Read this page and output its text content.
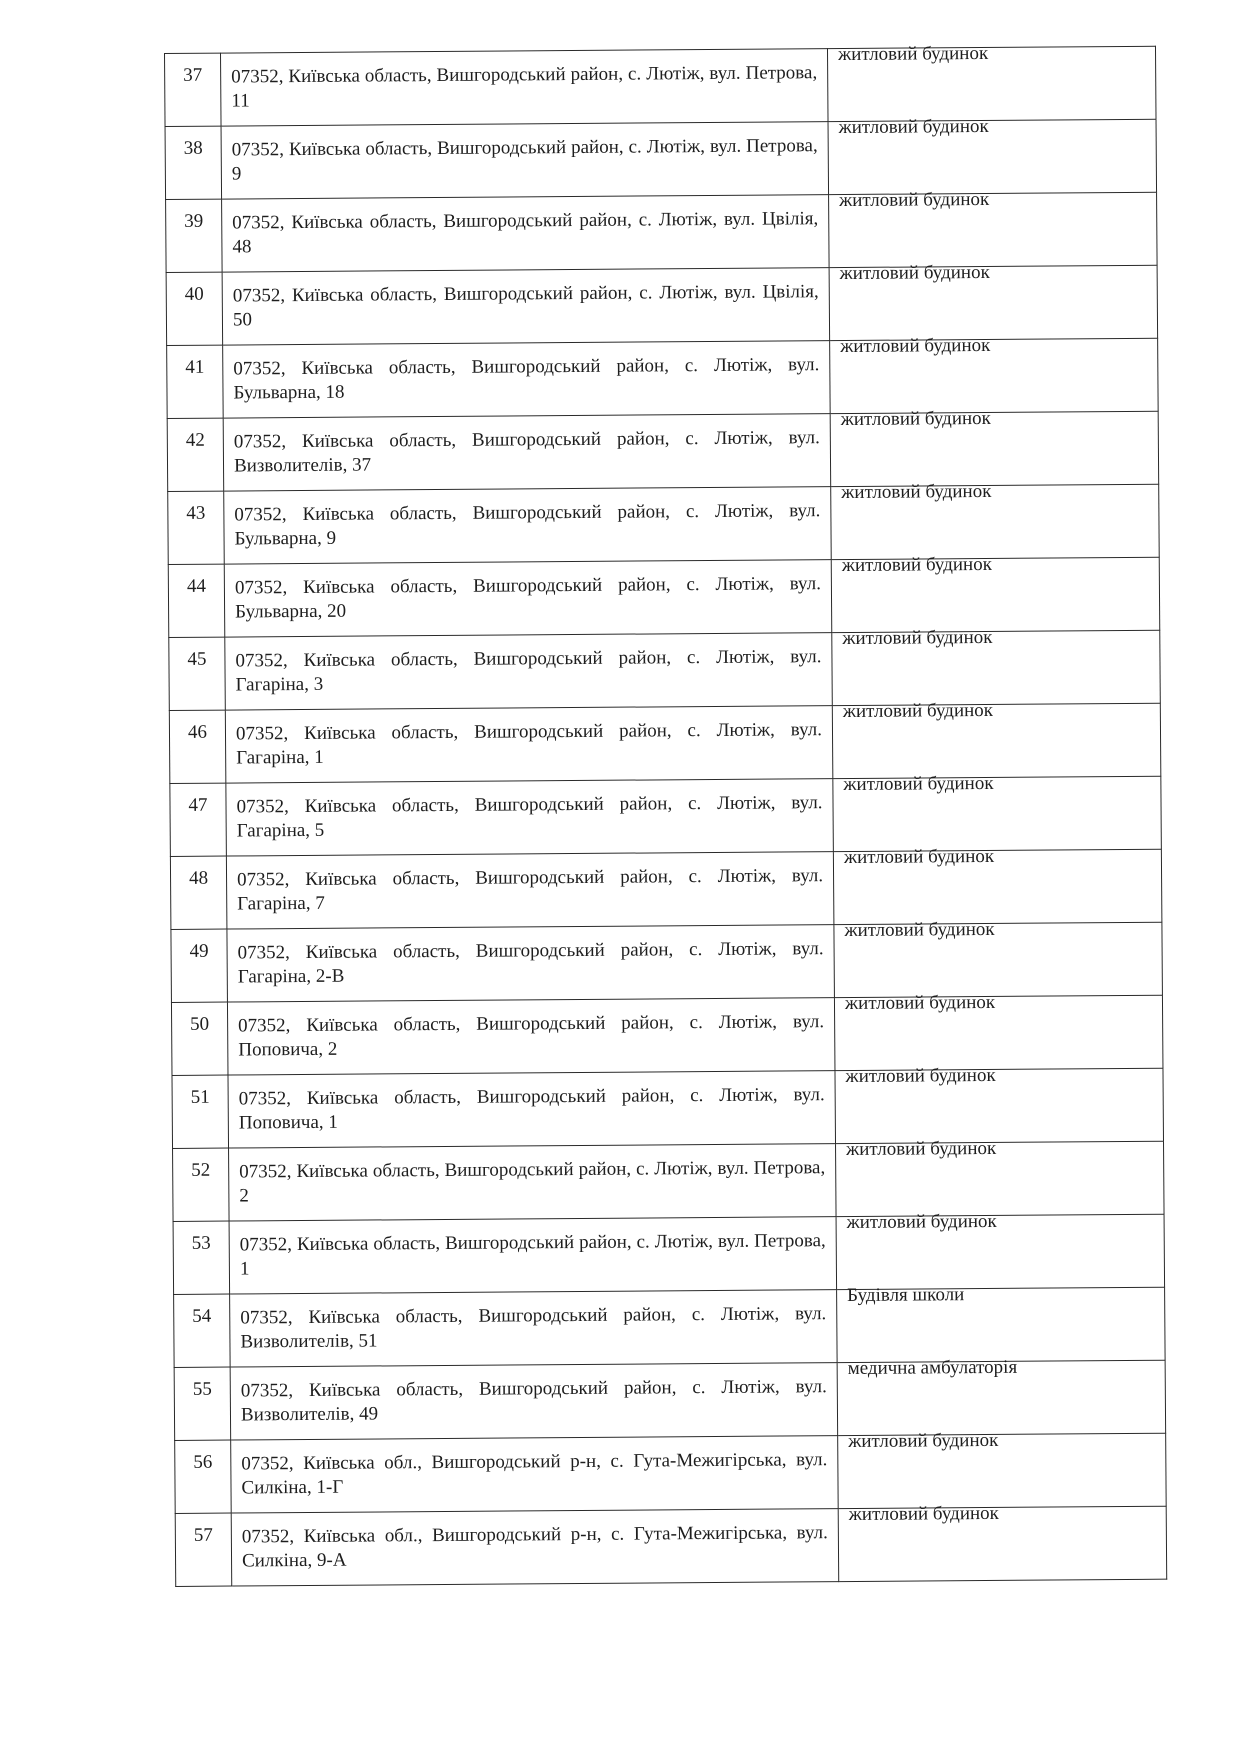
37	07352, Київська область, Вишгородський район, с. Лютіж, вул. Петрова, 11	житловий будинок

38	07352, Київська область, Вишгородський район, с. Лютіж, вул. Петрова, 9	житловий будинок

39	07352, Київська область, Вишгородський район, с. Лютіж, вул. Цвілія, 48	житловий будинок

40	07352, Київська область, Вишгородський район, с. Лютіж, вул. Цвілія, 50	житловий будинок

41	07352, Київська область, Вишгородський район, с. Лютіж, вул. Бульварна, 18	житловий будинок

42	07352, Київська область, Вишгородський район, с. Лютіж, вул. Визволителів, 37	житловий будинок

43	07352, Київська область, Вишгородський район, с. Лютіж, вул. Бульварна, 9	житловий будинок

44	07352, Київська область, Вишгородський район, с. Лютіж, вул. Бульварна, 20	житловий будинок

45	07352, Київська область, Вишгородський район, с. Лютіж, вул. Гагаріна, 3	житловий будинок

46	07352, Київська область, Вишгородський район, с. Лютіж, вул. Гагаріна, 1	житловий будинок

47	07352, Київська область, Вишгородський район, с. Лютіж, вул. Гагаріна, 5	житловий будинок

48	07352, Київська область, Вишгородський район, с. Лютіж, вул. Гагаріна, 7	житловий будинок

49	07352, Київська область, Вишгородський район, с. Лютіж, вул. Гагаріна, 2-В	житловий будинок

50	07352, Київська область, Вишгородський район, с. Лютіж, вул. Поповича, 2	житловий будинок

51	07352, Київська область, Вишгородський район, с. Лютіж, вул. Поповича, 1	житловий будинок

52	07352, Київська область, Вишгородський район, с. Лютіж, вул. Петрова, 2	житловий будинок

53	07352, Київська область, Вишгородський район, с. Лютіж, вул. Петрова, 1	житловий будинок

54	07352, Київська область, Вишгородський район, с. Лютіж, вул. Визволителів, 51	Будівля школи

55	07352, Київська область, Вишгородський район, с. Лютіж, вул. Визволителів, 49	медична амбулаторія

56	07352, Київська обл., Вишгородський р-н, с. Гута-Межигірська, вул. Силкіна, 1-Г	житловий будинок

57	07352, Київська обл., Вишгородський р-н, с. Гута-Межигірська, вул. Силкіна, 9-А	житловий будинок
